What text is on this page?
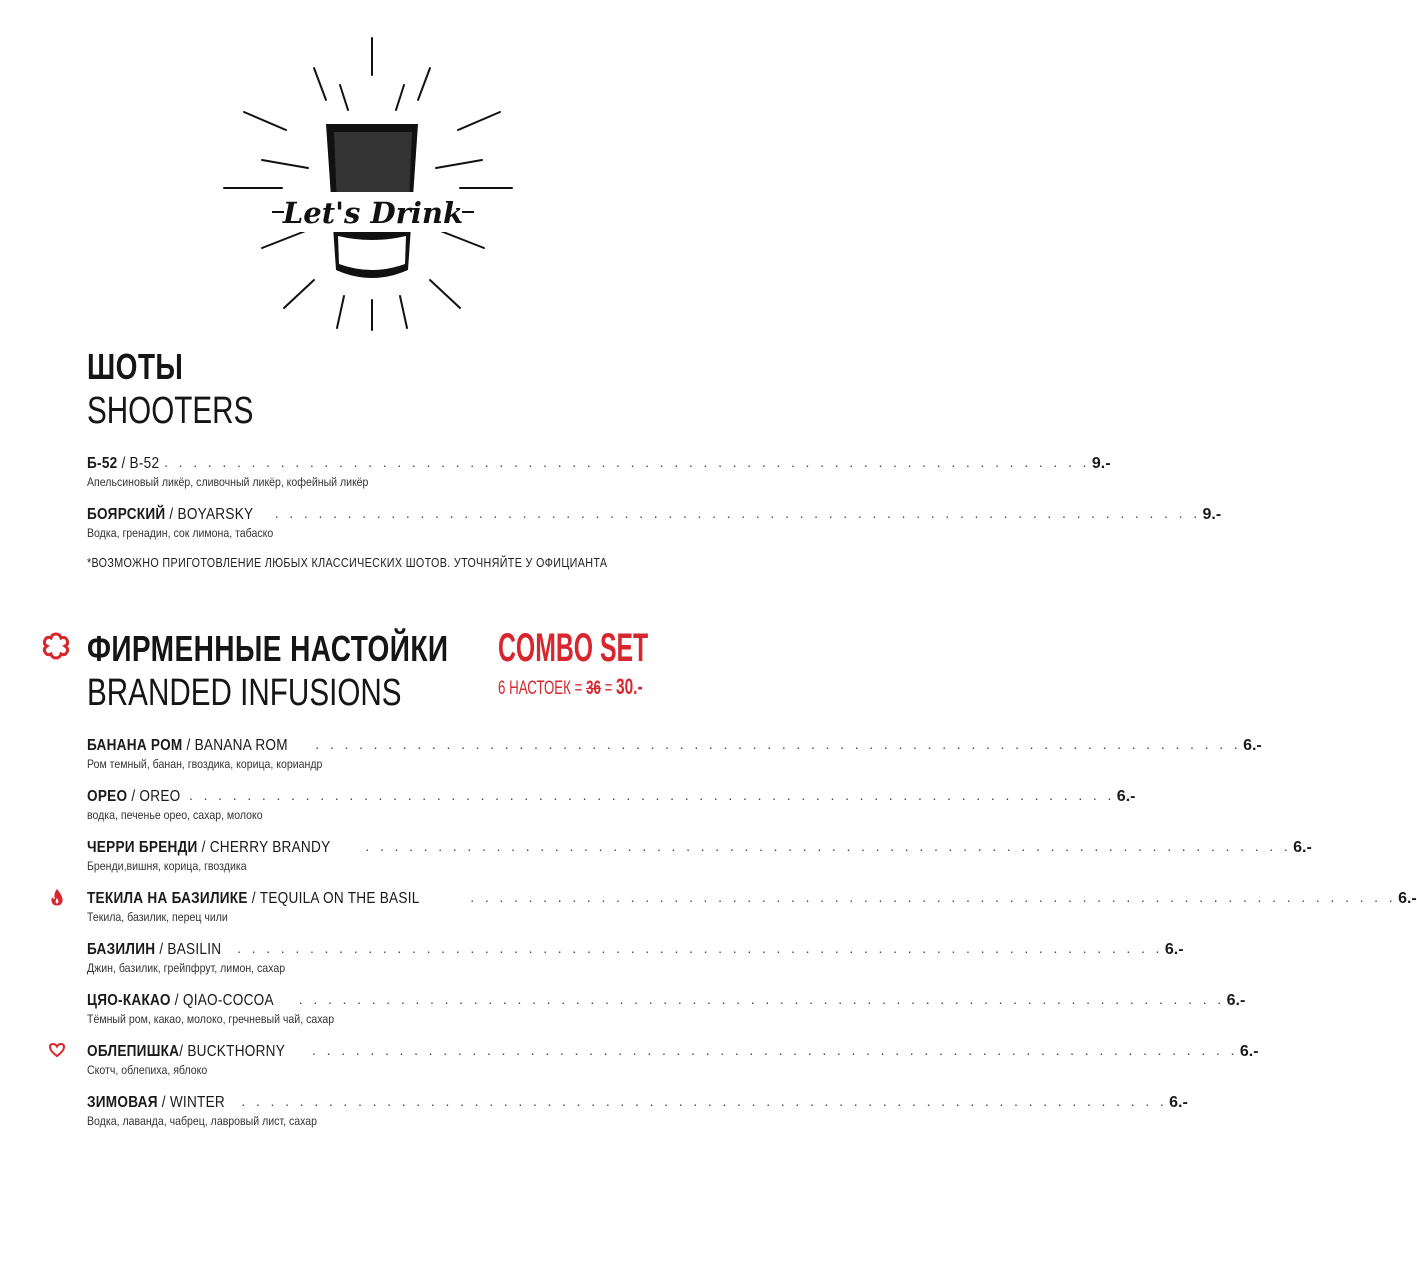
Let's Drink
ШОТЫ
SHOOTERS
Б-52 / B-52 . . . . . . . . . . . . . . . . . . . . . . . . . . . . . . . . . . . . . . . . . . . . . . . . . . . . . . . . . . . . . . . . 9.-
Апельсиновый ликёр, сливочный ликёр, кофейный ликёр
БОЯРСКИЙ / BOYARSKY . . . . . . . . . . . . . . . . . . . . . . . . . . . . . . . . . . . . . . . . . . . . . . . . . . . . . . . . . . . . . . . . 9.-
Водка, гренадин, сок лимона, табаско
*ВОЗМОЖНО ПРИГОТОВЛЕНИЕ ЛЮБЫХ КЛАССИЧЕСКИХ ШОТОВ. УТОЧНЯЙТЕ У ОФИЦИАНТА
ФИРМЕННЫЕ НАСТОЙКИ
BRANDED INFUSIONS
COMBO SET
6 НАСТОЕК = 36 = 30.-
БАНАНА РОМ / BANANA ROM . . . . . . . . . . . . . . . . . . . . . . . . . . . . . . . . . . . . . . . . . . . . . . . . . . . . . . . . . . . . . . . . 6.-
Ром темный, банан, гвоздика, корица, кориандр
ОРЕО / OREO . . . . . . . . . . . . . . . . . . . . . . . . . . . . . . . . . . . . . . . . . . . . . . . . . . . . . . . . . . . . . . . . 6.-
водка, печенье орео, сахар, молоко
ЧЕРРИ БРЕНДИ / CHERRY BRANDY . . . . . . . . . . . . . . . . . . . . . . . . . . . . . . . . . . . . . . . . . . . . . . . . . . . . . . . . . . . . . . . . 6.-
Бренди,вишня, корица, гвоздика
ТЕКИЛА НА БАЗИЛИКЕ / TEQUILA ON THE BASIL	. . . . . . . . . . . . . . . . . . . . . . . . . . . . . . . . . . . . . . . . . . . . . . . . . . . . . . . . . . . . . . . . 6.-
Текила, базилик, перец чили
БАЗИЛИН / BASILIN . . . . . . . . . . . . . . . . . . . . . . . . . . . . . . . . . . . . . . . . . . . . . . . . . . . . . . . . . . . . . . . . 6.-
Джин, базилик, грейпфрут, лимон, сахар
ЦЯО-КАКАО / QIAO-COCOA . . . . . . . . . . . . . . . . . . . . . . . . . . . . . . . . . . . . . . . . . . . . . . . . . . . . . . . . . . . . . . . . 6.-
Тёмный ром, какао, молоко, гречневый чай, сахар
ОБЛЕПИШКА/ BUCKTHORNY . . . . . . . . . . . . . . . . . . . . . . . . . . . . . . . . . . . . . . . . . . . . . . . . . . . . . . . . . . . . . . . . 6.-
Скотч, облепиха, яблоко
ЗИМОВАЯ / WINTER . . . . . . . . . . . . . . . . . . . . . . . . . . . . . . . . . . . . . . . . . . . . . . . . . . . . . . . . . . . . . . . . 6.-
Водка, лаванда, чабрец, лавровый лист, сахар
